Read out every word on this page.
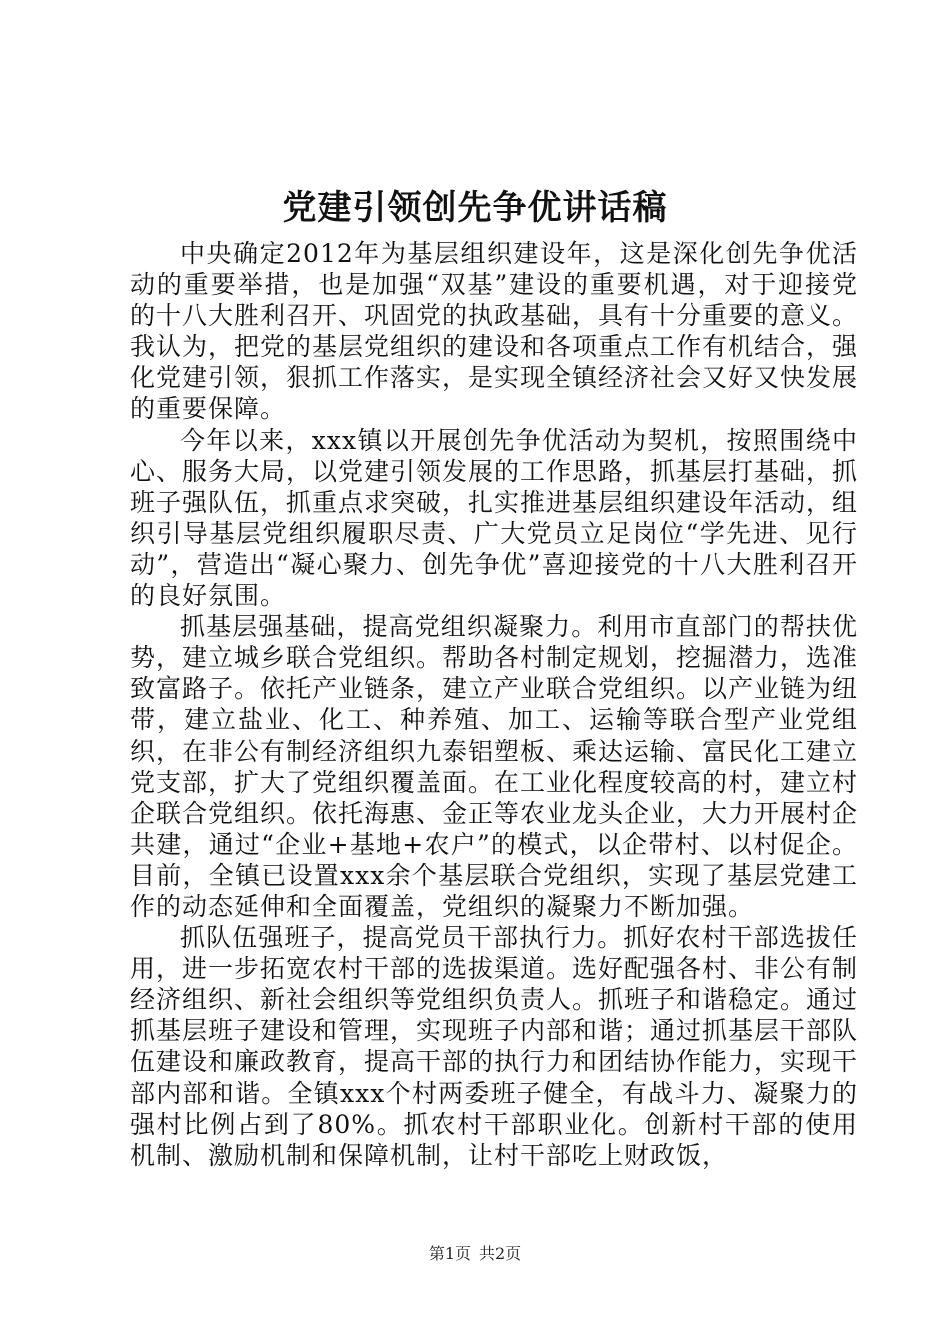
党建引领创先争优讲话稿

中央确定2012年为基层组织建设年，这是深化创先争优活动的重要举措，也是加强“双基”建设的重要机遇，对于迎接党的十八大胜利召开、巩固党的执政基础，具有十分重要的意义。我认为，把党的基层党组织的建设和各项重点工作有机结合，强化党建引领，狠抓工作落实，是实现全镇经济社会又好又快发展的重要保障。

今年以来，xxx镇以开展创先争优活动为契机，按照围绕中心、服务大局，以党建引领发展的工作思路，抓基层打基础，抓班子强队伍，抓重点求突破，扎实推进基层组织建设年活动，组织引导基层党组织履职尽责、广大党员立足岗位“学先进、见行动”，营造出“凝心聚力、创先争优”喜迎接党的十八大胜利召开的良好氛围。

抓基层强基础，提高党组织凝聚力。利用市直部门的帮扶优势，建立城乡联合党组织。帮助各村制定规划，挖掘潜力，选准致富路子。依托产业链条，建立产业联合党组织。以产业链为纽带，建立盐业、化工、种养殖、加工、运输等联合型产业党组织，在非公有制经济组织九泰铝塑板、乘达运输、富民化工建立党支部，扩大了党组织覆盖面。在工业化程度较高的村，建立村企联合党组织。依托海惠、金正等农业龙头企业，大力开展村企共建，通过“企业+基地+农户”的模式，以企带村、以村促企。目前，全镇已设置xxx余个基层联合党组织，实现了基层党建工作的动态延伸和全面覆盖，党组织的凝聚力不断加强。

抓队伍强班子，提高党员干部执行力。抓好农村干部选拔任用，进一步拓宽农村干部的选拔渠道。选好配强各村、非公有制经济组织、新社会组织等党组织负责人。抓班子和谐稳定。通过抓基层班子建设和管理，实现班子内部和谐；通过抓基层干部队伍建设和廉政教育，提高干部的执行力和团结协作能力，实现干部内部和谐。全镇xxx个村两委班子健全，有战斗力、凝聚力的强村比例占到了80%。抓农村干部职业化。创新村干部的使用机制、激励机制和保障机制，让村干部吃上财政饭，

第1页 共2页
